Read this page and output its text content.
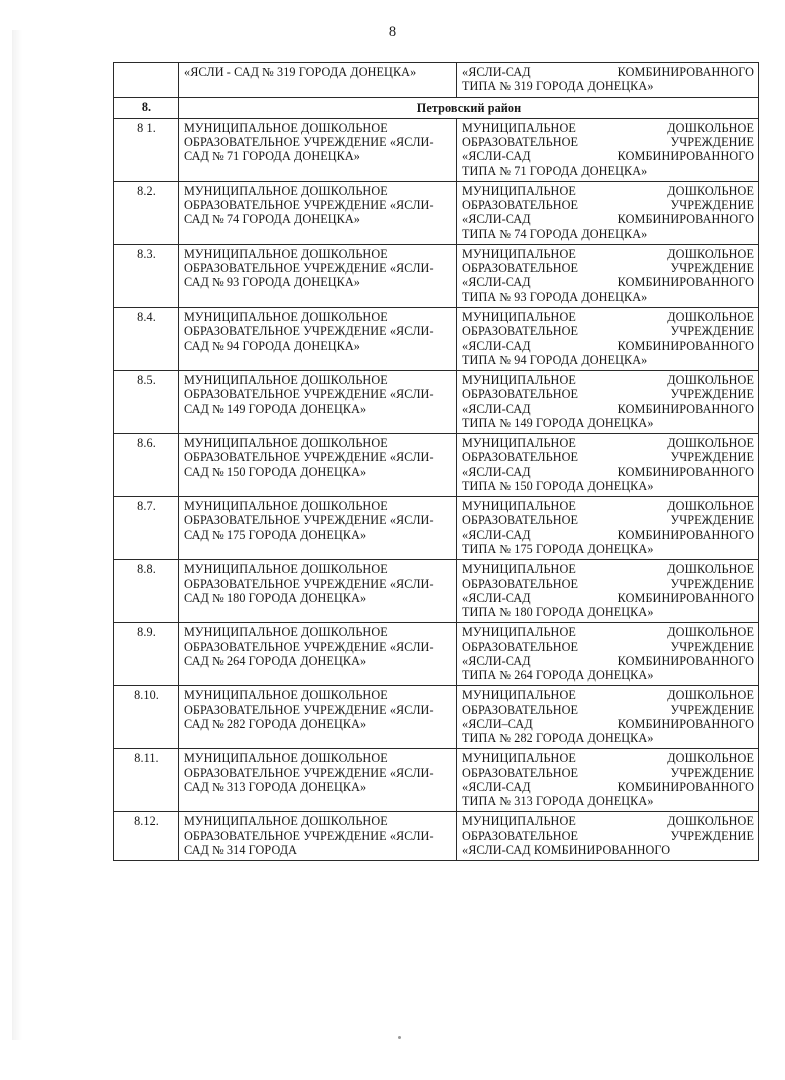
8
	«ЯСЛИ - САД № 319 ГОРОДА ДОНЕЦКА»	«ЯСЛИ-САД КОМБИНИРОВАННОГО
ТИПА № 319 ГОРОДА ДОНЕЦКА»

8.	Петровский район	
8 1.	МУНИЦИПАЛЬНОЕ ДОШКОЛЬНОЕ ОБРАЗОВАТЕЛЬНОЕ УЧРЕЖДЕНИЕ «ЯСЛИ-САД № 71 ГОРОДА ДОНЕЦКА»	МУНИЦИПАЛЬНОЕ ДОШКОЛЬНОЕ
ОБРАЗОВАТЕЛЬНОЕ УЧРЕЖДЕНИЕ
«ЯСЛИ-САД КОМБИНИРОВАННОГО
ТИПА № 71 ГОРОДА ДОНЕЦКА»

8.2.	МУНИЦИПАЛЬНОЕ ДОШКОЛЬНОЕ ОБРАЗОВАТЕЛЬНОЕ УЧРЕЖДЕНИЕ «ЯСЛИ-САД № 74 ГОРОДА ДОНЕЦКА»	МУНИЦИПАЛЬНОЕ ДОШКОЛЬНОЕ
ОБРАЗОВАТЕЛЬНОЕ УЧРЕЖДЕНИЕ
«ЯСЛИ-САД КОМБИНИРОВАННОГО
ТИПА № 74 ГОРОДА ДОНЕЦКА»

8.3.	МУНИЦИПАЛЬНОЕ ДОШКОЛЬНОЕ ОБРАЗОВАТЕЛЬНОЕ УЧРЕЖДЕНИЕ «ЯСЛИ-САД № 93 ГОРОДА ДОНЕЦКА»	МУНИЦИПАЛЬНОЕ ДОШКОЛЬНОЕ
ОБРАЗОВАТЕЛЬНОЕ УЧРЕЖДЕНИЕ
«ЯСЛИ-САД КОМБИНИРОВАННОГО
ТИПА № 93 ГОРОДА ДОНЕЦКА»

8.4.	МУНИЦИПАЛЬНОЕ ДОШКОЛЬНОЕ ОБРАЗОВАТЕЛЬНОЕ УЧРЕЖДЕНИЕ «ЯСЛИ-САД № 94 ГОРОДА ДОНЕЦКА»	МУНИЦИПАЛЬНОЕ ДОШКОЛЬНОЕ
ОБРАЗОВАТЕЛЬНОЕ УЧРЕЖДЕНИЕ
«ЯСЛИ-САД КОМБИНИРОВАННОГО
ТИПА № 94 ГОРОДА ДОНЕЦКА»

8.5.	МУНИЦИПАЛЬНОЕ ДОШКОЛЬНОЕ ОБРАЗОВАТЕЛЬНОЕ УЧРЕЖДЕНИЕ «ЯСЛИ-САД № 149 ГОРОДА ДОНЕЦКА»	МУНИЦИПАЛЬНОЕ ДОШКОЛЬНОЕ
ОБРАЗОВАТЕЛЬНОЕ УЧРЕЖДЕНИЕ
«ЯСЛИ-САД КОМБИНИРОВАННОГО
ТИПА № 149 ГОРОДА ДОНЕЦКА»

8.6.	МУНИЦИПАЛЬНОЕ ДОШКОЛЬНОЕ ОБРАЗОВАТЕЛЬНОЕ УЧРЕЖДЕНИЕ «ЯСЛИ-САД № 150 ГОРОДА ДОНЕЦКА»	МУНИЦИПАЛЬНОЕ ДОШКОЛЬНОЕ
ОБРАЗОВАТЕЛЬНОЕ УЧРЕЖДЕНИЕ
«ЯСЛИ-САД КОМБИНИРОВАННОГО
ТИПА № 150 ГОРОДА ДОНЕЦКА»

8.7.	МУНИЦИПАЛЬНОЕ ДОШКОЛЬНОЕ ОБРАЗОВАТЕЛЬНОЕ УЧРЕЖДЕНИЕ «ЯСЛИ-САД № 175 ГОРОДА ДОНЕЦКА»	МУНИЦИПАЛЬНОЕ ДОШКОЛЬНОЕ
ОБРАЗОВАТЕЛЬНОЕ УЧРЕЖДЕНИЕ
«ЯСЛИ-САД КОМБИНИРОВАННОГО
ТИПА № 175 ГОРОДА ДОНЕЦКА»

8.8.	МУНИЦИПАЛЬНОЕ ДОШКОЛЬНОЕ ОБРАЗОВАТЕЛЬНОЕ УЧРЕЖДЕНИЕ «ЯСЛИ-САД № 180 ГОРОДА ДОНЕЦКА»	МУНИЦИПАЛЬНОЕ ДОШКОЛЬНОЕ
ОБРАЗОВАТЕЛЬНОЕ УЧРЕЖДЕНИЕ
«ЯСЛИ-САД КОМБИНИРОВАННОГО
ТИПА № 180 ГОРОДА ДОНЕЦКА»

8.9.	МУНИЦИПАЛЬНОЕ ДОШКОЛЬНОЕ ОБРАЗОВАТЕЛЬНОЕ УЧРЕЖДЕНИЕ «ЯСЛИ-САД № 264 ГОРОДА ДОНЕЦКА»	МУНИЦИПАЛЬНОЕ ДОШКОЛЬНОЕ
ОБРАЗОВАТЕЛЬНОЕ УЧРЕЖДЕНИЕ
«ЯСЛИ-САД КОМБИНИРОВАННОГО
ТИПА № 264 ГОРОДА ДОНЕЦКА»

8.10.	МУНИЦИПАЛЬНОЕ ДОШКОЛЬНОЕ ОБРАЗОВАТЕЛЬНОЕ УЧРЕЖДЕНИЕ «ЯСЛИ-САД № 282 ГОРОДА ДОНЕЦКА»	МУНИЦИПАЛЬНОЕ ДОШКОЛЬНОЕ
ОБРАЗОВАТЕЛЬНОЕ УЧРЕЖДЕНИЕ
«ЯСЛИ–САД КОМБИНИРОВАННОГО
ТИПА № 282 ГОРОДА ДОНЕЦКА»

8.11.	МУНИЦИПАЛЬНОЕ ДОШКОЛЬНОЕ ОБРАЗОВАТЕЛЬНОЕ УЧРЕЖДЕНИЕ «ЯСЛИ-САД № 313 ГОРОДА ДОНЕЦКА»	МУНИЦИПАЛЬНОЕ ДОШКОЛЬНОЕ
ОБРАЗОВАТЕЛЬНОЕ УЧРЕЖДЕНИЕ
«ЯСЛИ-САД КОМБИНИРОВАННОГО
ТИПА № 313 ГОРОДА ДОНЕЦКА»

8.12.	МУНИЦИПАЛЬНОЕ ДОШКОЛЬНОЕ ОБРАЗОВАТЕЛЬНОЕ УЧРЕЖДЕНИЕ «ЯСЛИ-САД № 314 ГОРОДА	МУНИЦИПАЛЬНОЕ ДОШКОЛЬНОЕ
ОБРАЗОВАТЕЛЬНОЕ УЧРЕЖДЕНИЕ
«ЯСЛИ-САД КОМБИНИРОВАННОГО
